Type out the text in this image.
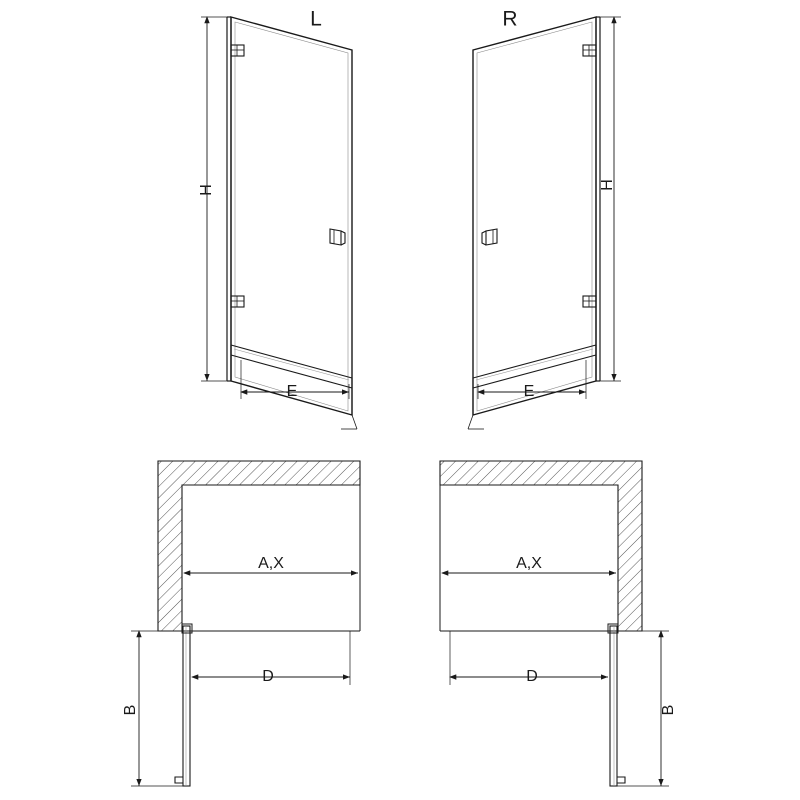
H
E
L
H
E
R
A,X
D
B
A,X
D
B
